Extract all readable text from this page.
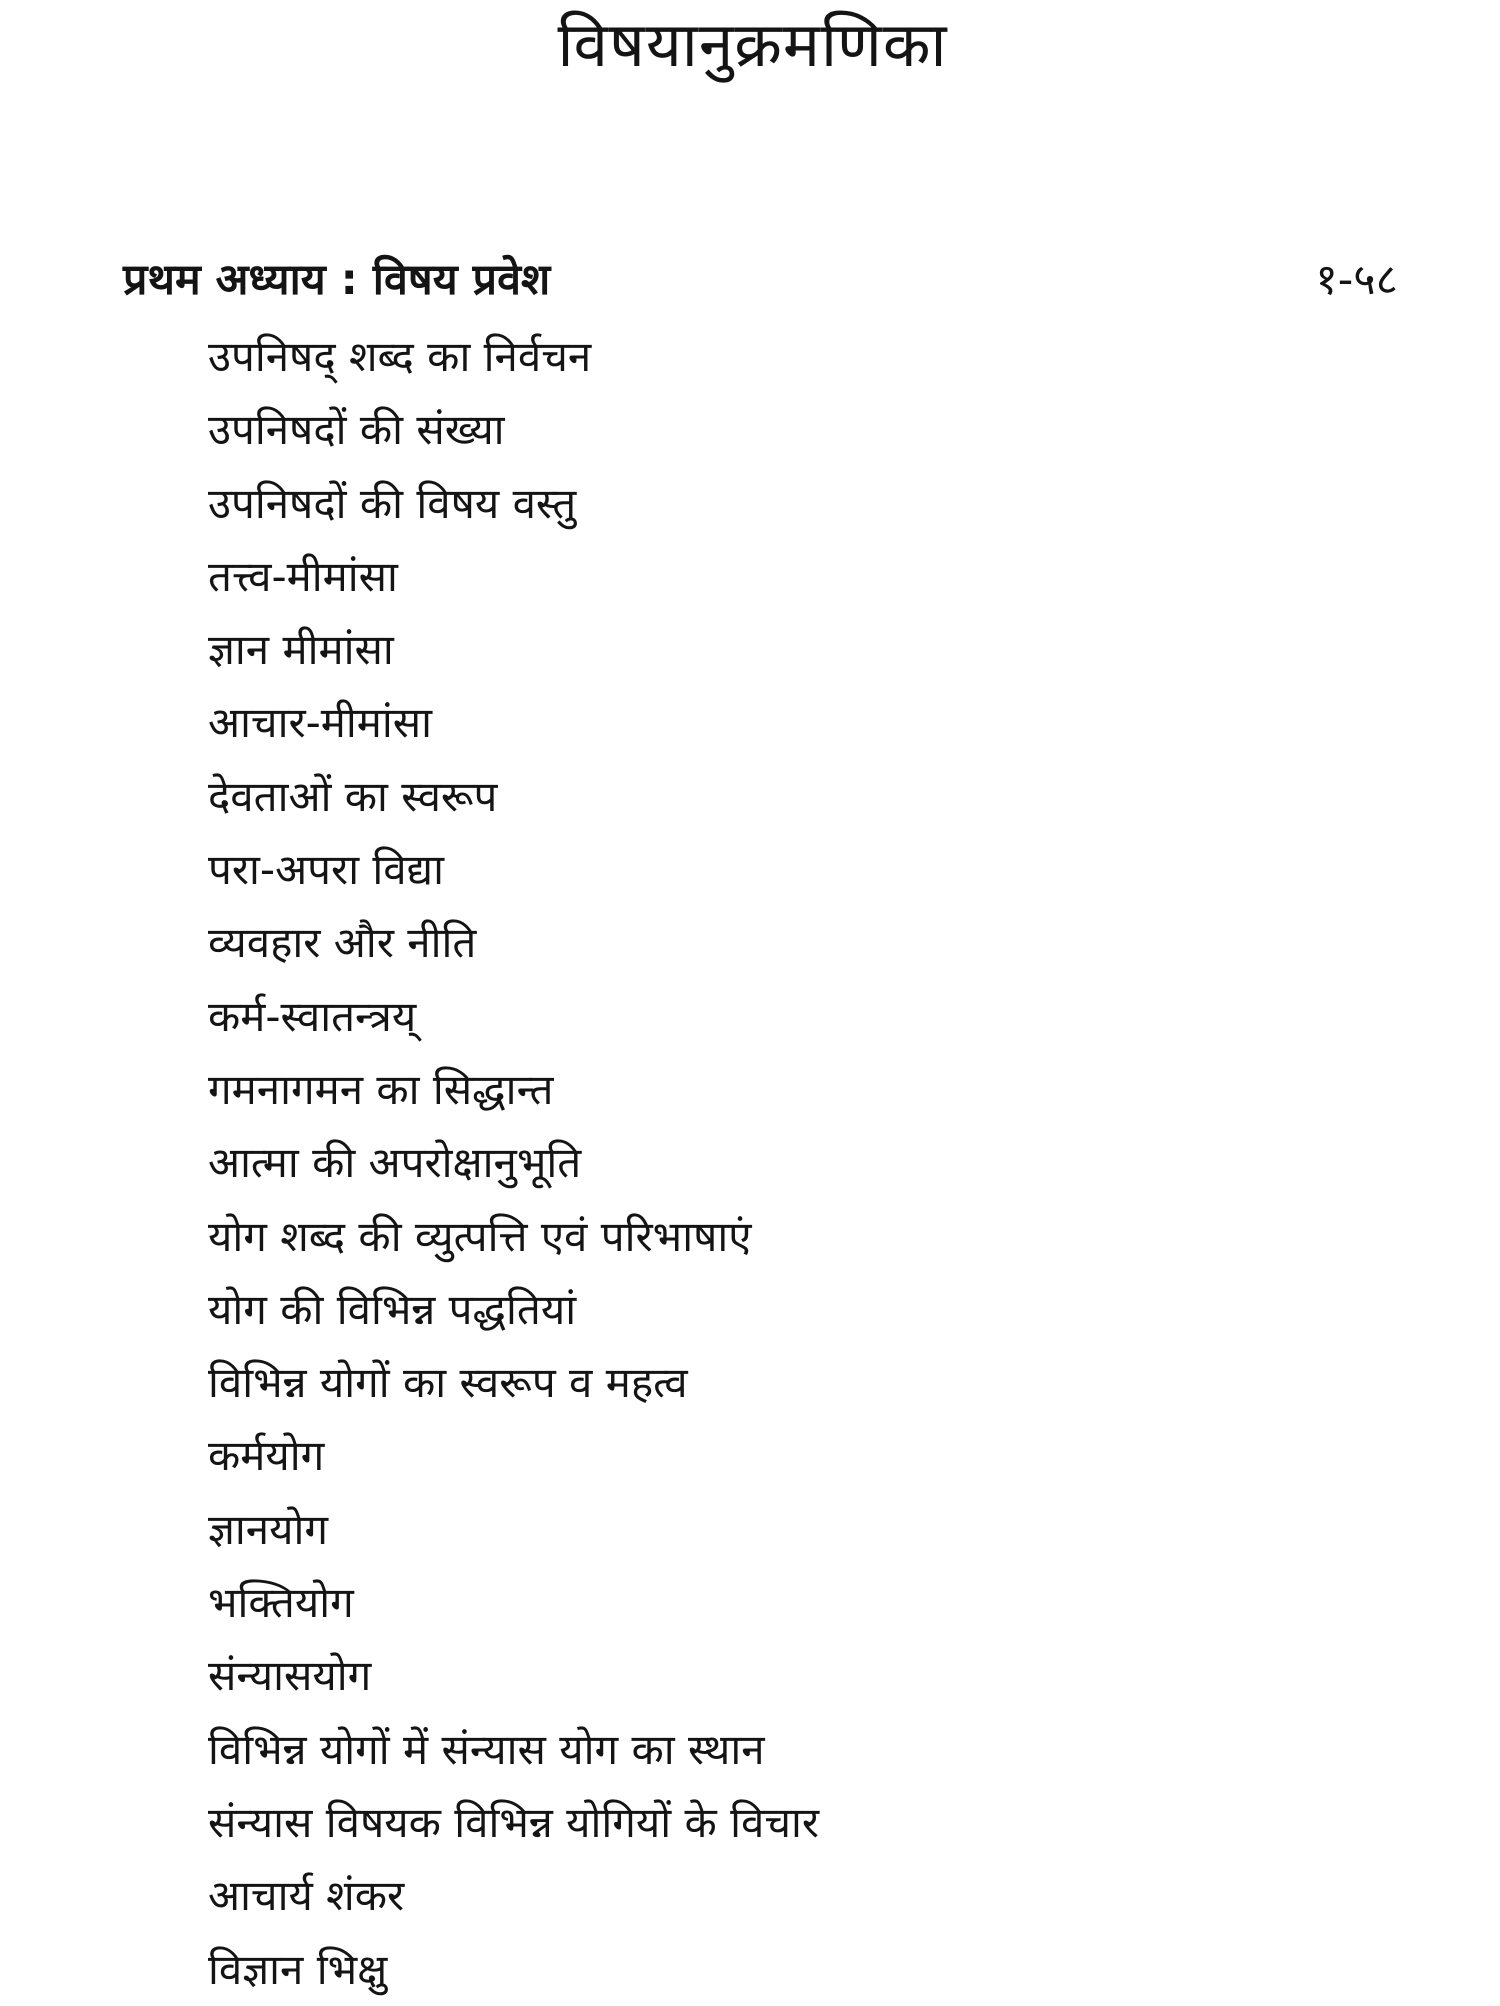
विषयानुक्रमणिका
प्रथम अध्याय : विषय प्रवेश	१-५८
उपनिषद् शब्द का निर्वचन
उपनिषदों की संख्या
उपनिषदों की विषय वस्तु
तत्त्व-मीमांसा
ज्ञान मीमांसा
आचार-मीमांसा
देवताओं का स्वरूप
परा-अपरा विद्या
व्यवहार और नीति
कर्म-स्वातन्त्रय्
गमनागमन का सिद्धान्त
आत्मा की अपरोक्षानुभूति
योग शब्द की व्युत्पत्ति एवं परिभाषाएं
योग की विभिन्न पद्धतियां
विभिन्न योगों का स्वरूप व महत्व
कर्मयोग
ज्ञानयोग
भक्तियोग
संन्यासयोग
विभिन्न योगों में संन्यास योग का स्थान
संन्यास विषयक विभिन्न योगियों के विचार
आचार्य शंकर
विज्ञान भिक्षु
